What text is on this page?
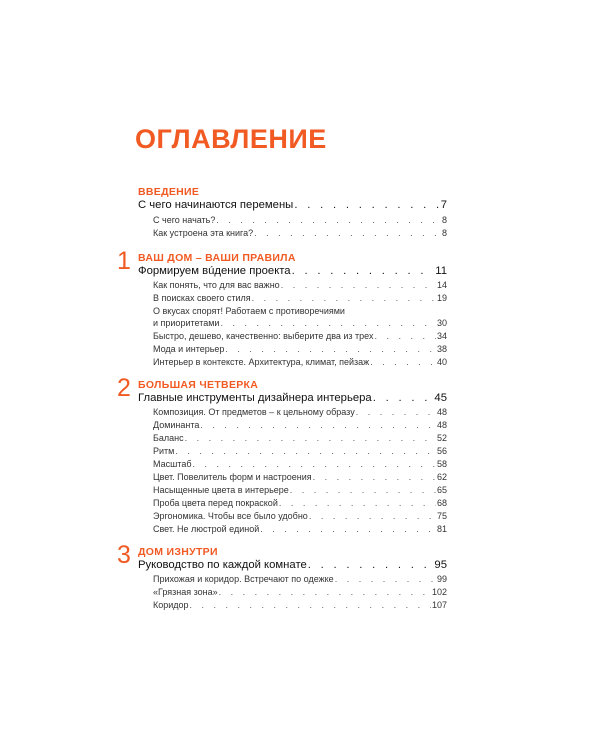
ОГЛАВЛЕНИЕ
ВВЕДЕНИЕ
С чего начинаются перемены . . .	7
С чего начать? . . .	8
Как устроена эта книга? . . .	8
1 ВАШ ДОМ – ВАШИ ПРАВИЛА
Формируем вúдение проекта . . .	11
Как понять, что для вас важно . . .	14
В поисках своего стиля . . .	19
О вкусах спорят! Работаем с противоречиями
и приоритетами . . .	30
Быстро, дешево, качественно: выберите два из трех . . .	34
Мода и интерьер . . .	38
Интерьер в контексте. Архитектура, климат, пейзаж . . .	40
2 БОЛЬШАЯ ЧЕТВЕРКА
Главные инструменты дизайнера интерьера . . .	45
Композиция. От предметов – к цельному образу . . .	48
Доминанта . . .	48
Баланс . . .	52
Ритм . . .	56
Масштаб . . .	58
Цвет. Повелитель форм и настроения . . .	62
Насыщенные цвета в интерьере . . .	65
Проба цвета перед покраской . . .	68
Эргономика. Чтобы все было удобно . . .	75
Свет. Не люстрой единой . . .	81
3 ДОМ ИЗНУТРИ
Руководство по каждой комнате . . .	95
Прихожая и коридор. Встречают по одежке . . .	99
«Грязная зона» . . .	102
Коридор . . .	107
